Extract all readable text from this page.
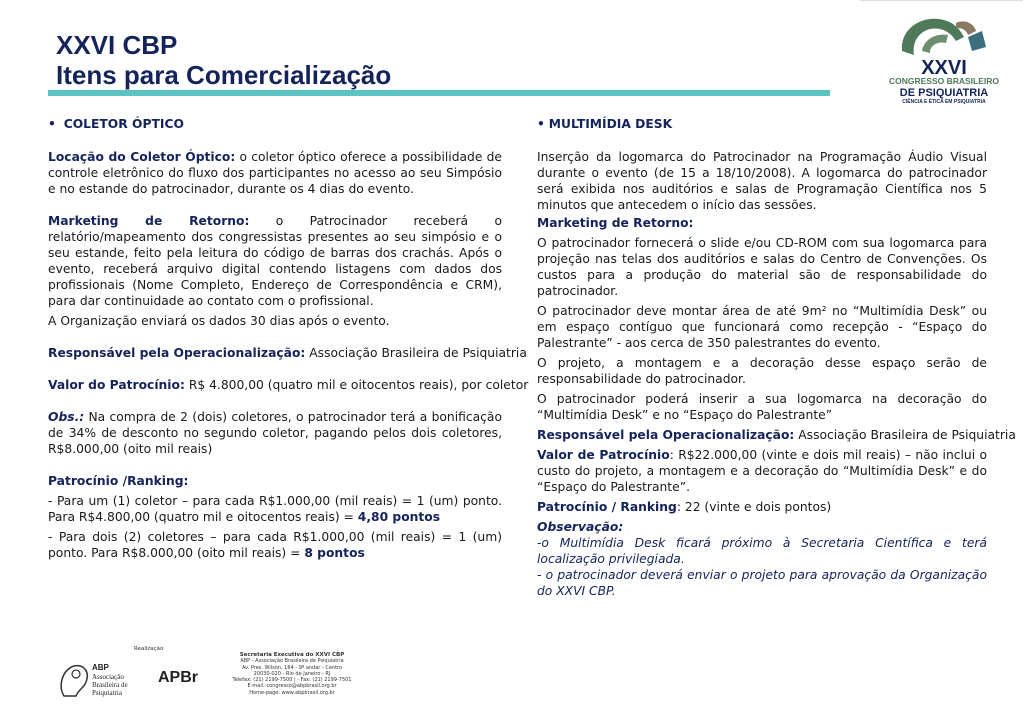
XXVI CBP
Itens para Comercialização	XXVI
CONGRESSO BRASILEIRO
DE PSIQUIATRIA
CIÊNCIA E ÉTICA EM PSIQUIATRIA

• COLETOR ÓPTICO

Locação do Coletor Óptico: o coletor óptico oferece a possibilidade de controle eletrônico do fluxo dos participantes no acesso ao seu Simpósio e no estande do patrocinador, durante os 4 dias do evento.

Marketing de Retorno: o Patrocinador receberá o relatório/mapeamento dos congressistas presentes ao seu simpósio e o seu estande, feito pela leitura do código de barras dos crachás. Após o evento, receberá arquivo digital contendo listagens com dados dos profissionais (Nome Completo, Endereço de Correspondência e CRM), para dar continuidade ao contato com o profissional.

A Organização enviará os dados 30 dias após o evento.

Responsável pela Operacionalização: Associação Brasileira de Psiquiatria

Valor do Patrocínio: R$ 4.800,00 (quatro mil e oitocentos reais), por coletor

Obs.: Na compra de 2 (dois) coletores, o patrocinador terá a bonificação de 34% de desconto no segundo coletor, pagando pelos dois coletores, R$8.000,00 (oito mil reais)

Patrocínio /Ranking:

- Para um (1) coletor – para cada R$1.000,00 (mil reais) = 1 (um) ponto. Para R$4.800,00 (quatro mil e oitocentos reais) = 4,80 pontos

- Para dois (2) coletores – para cada R$1.000,00 (mil reais) = 1 (um) ponto. Para R$8.000,00 (oito mil reais) = 8 pontos

• MULTIMÍDIA DESK

Inserção da logomarca do Patrocinador na Programação Áudio Visual durante o evento (de 15 a 18/10/2008). A logomarca do patrocinador será exibida nos auditórios e salas de Programação Científica nos 5 minutos que antecedem o início das sessões.

Marketing de Retorno:

O patrocinador fornecerá o slide e/ou CD-ROM com sua logomarca para projeção nas telas dos auditórios e salas do Centro de Convenções. Os custos para a produção do material são de responsabilidade do patrocinador.

O patrocinador deve montar área de até 9m² no “Multimídia Desk” ou em espaço contíguo que funcionará como recepção - “Espaço do Palestrante” - aos cerca de 350 palestrantes do evento.

O projeto, a montagem e a decoração desse espaço serão de responsabilidade do patrocinador.

O patrocinador poderá inserir a sua logomarca na decoração do “Multimídia Desk” e no “Espaço do Palestrante”

Responsável pela Operacionalização: Associação Brasileira de Psiquiatria

Valor de Patrocínio: R$22.000,00 (vinte e dois mil reais) – não inclui o custo do projeto, a montagem e a decoração do “Multimídia Desk” e do “Espaço do Palestrante”.

Patrocínio / Ranking: 22 (vinte e dois pontos)

Observação:

-o Multimídia Desk ficará próximo à Secretaria Científica e terá localização privilegiada.

- o patrocinador deverá enviar o projeto para aprovação da Organização do XXVI CBP.

Realização
ABP
Associação
Brasileira de
Psiquiatria
APBr
Secretaria Executiva do XXVI CBP
ABP - Associação Brasileira de Psiquiatria
Av. Pres. Wilson, 164 - 9º andar - Centro
20030-020 - Rio de Janeiro - RJ
Telefax: (21) 2199-7500 | - Fax: (21) 2199-7501
E-mail: congresso@abpbrasil.org.br
Home-page: www.abpbrasil.org.br
